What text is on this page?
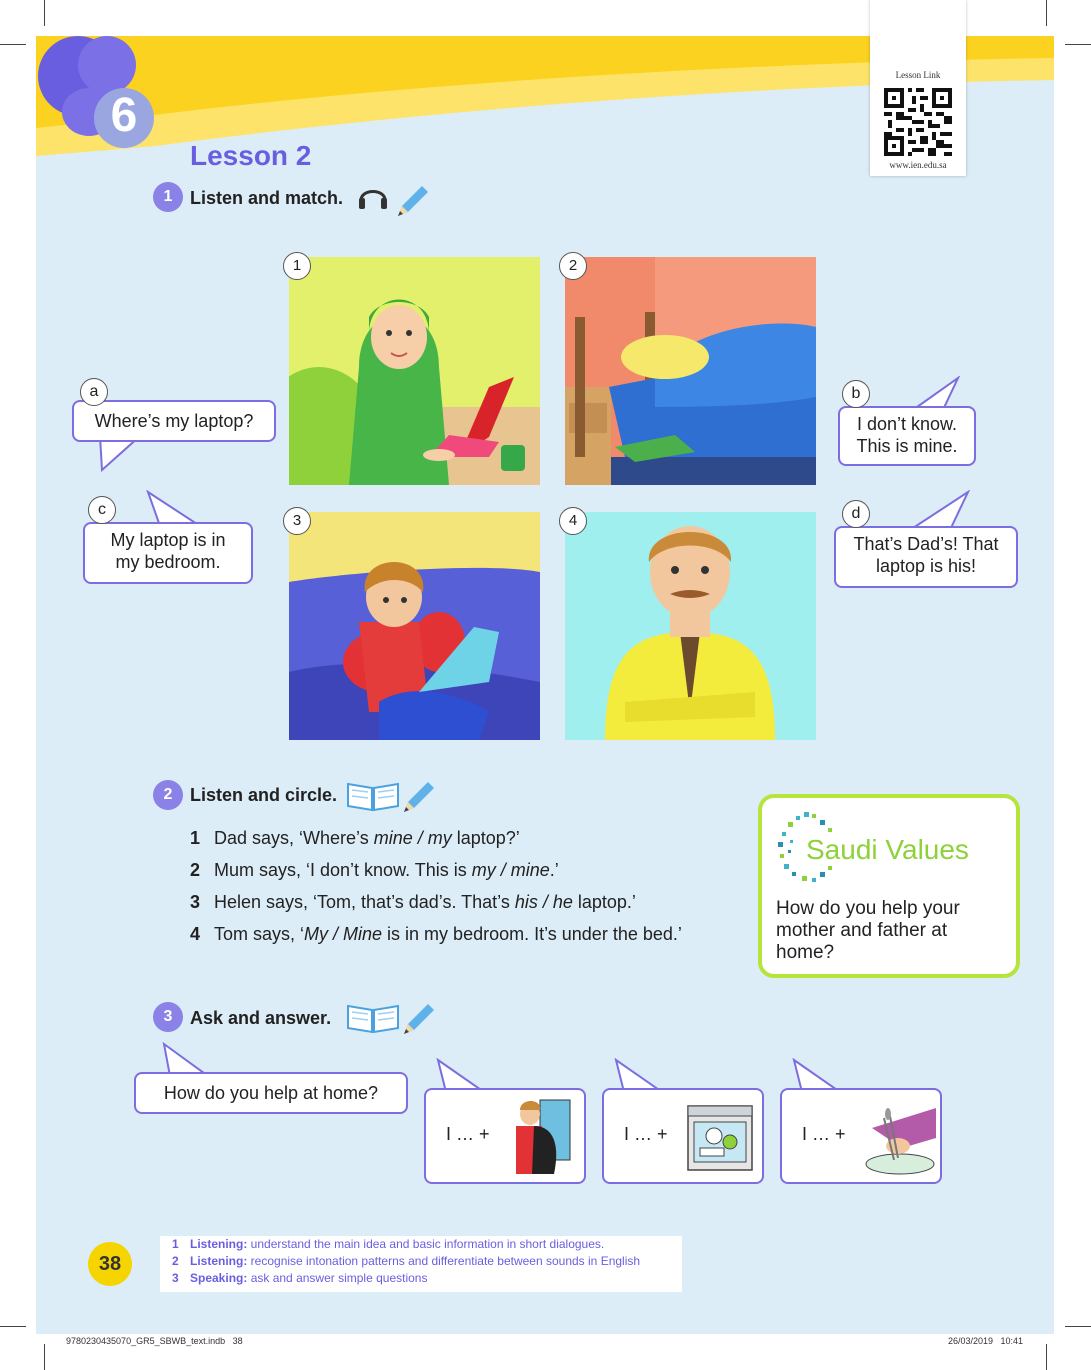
6
Lesson Link
www.ien.edu.sa
Lesson 2
1 Listen and match.
1	2
3	4
Where’s my laptop?
a
I don’t know.
This is mine.
b
My laptop is in
my bedroom.
c
That’s Dad’s! That
laptop is his!
d
2 Listen and circle.
1 Dad says, ‘Where’s mine / my laptop?’
2 Mum says, ‘I don’t know. This is my / mine.’
3 Helen says, ‘Tom, that’s dad’s. That’s his / he laptop.’
4 Tom says, ‘My / Mine is in my bedroom. It’s under the bed.’
Saudi Values
How do you help your mother and father at home?
3 Ask and answer.
How do you help at home?
I … +	I … +	I … +
38
1 Listening: understand the main idea and basic information in short dialogues.
2 Listening: recognise intonation patterns and differentiate between sounds in English
3 Speaking: ask and answer simple questions
9780230435070_GR5_SBWB_text.indb   38	26/03/2019   10:41
